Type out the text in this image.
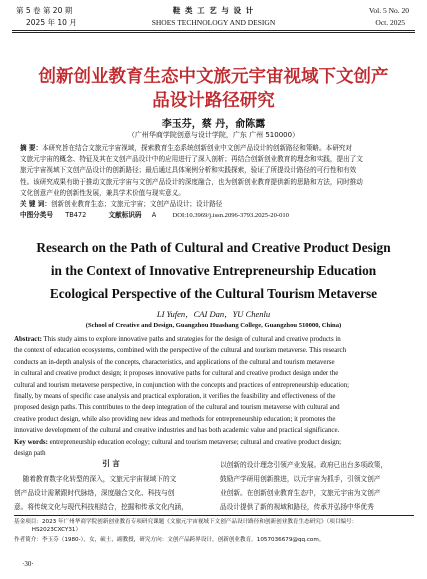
第 5 卷 第 20 期
2025 年 10 月
鞋 类 工 艺 与 设 计
SHOES TECHNOLOGY AND DESIGN
Vol. 5 No. 20
Oct. 2025
创新创业教育生态中文旅元宇宙视域下文创产
品设计路径研究
李玉芬，蔡 丹，俞陈露
（广州华商学院创意与设计学院，广东 广州 510000）
摘 要：本研究旨在结合文旅元宇宙视域，探索教育生态系统创新创业中文创产品设计的创新路径和策略。本研究对
文旅元宇宙的概念、特征及其在文创产品设计中的应用进行了深入剖析；再结合创新创业教育的理念和实践，提出了文
旅元宇宙视域下文创产品设计的创新路径；最后通过具体案例分析和实践探索，验证了所提设计路径的可行性和有效
性。该研究成果有助于推动文旅元宇宙与文创产品设计的深度融合，也为创新创业教育提供新的思路和方法，同时推动
文化创意产业的创新性发展，兼具学术价值与现实意义。
关 键 词：创新创业教育生态；文旅元宇宙；文创产品设计；设计路径
中图分类号 TB472	文献标识码 A DOI:10.3969/j.issn.2096-3793.2025-20-010
Research on the Path of Cultural and Creative Product Design
in the Context of Innovative Entrepreneurship Education
Ecological Perspective of the Cultural Tourism Metaverse
LI Yufen，CAI Dan，YU Chenlu
(School of Creative and Design, Guangzhou Huashang College, Guangzhou 510000, China)
Abstract: This study aims to explore innovative paths and strategies for the design of cultural and creative products in
the context of education ecosystems, combined with the perspective of the cultural and tourism metaverse. This research
conducts an in-depth analysis of the concepts, characteristics, and applications of the cultural and tourism metaverse
in cultural and creative product design; it proposes innovative paths for cultural and creative product design under the
cultural and tourism metaverse perspective, in conjunction with the concepts and practices of entrepreneurship education;
finally, by means of specific case analysis and practical exploration, it verifies the feasibility and effectiveness of the
proposed design paths. This contributes to the deep integration of the cultural and tourism metaverse with cultural and
creative product design, while also providing new ideas and methods for entrepreneurship education; it promotes the
innovative development of the cultural and creative industries and has both academic value and practical significance.
Key words: entrepreneurship education ecology; cultural and tourism metaverse; cultural and creative product design;
design path
引 言
随着教育数字化转型的深入，文旅元宇宙视域下的文
创产品设计需紧跟时代脉络，深度融合文化、科技与创
意。将传统文化与现代科技相结合，挖掘和传承文化内涵，
以创新的设计理念引领产业发展。政府已出台多项政策，
鼓励产学研用创新推进，以元宇宙为抓手，引领文创产
业创新。在创新创业教育生态中，文旅元宇宙为文创产
品设计提供了新的视域和路径，传承并弘扬中华优秀
基金项目：2023 年广州华商学院创新创业教育专项研究课题《文旅元宇宙视域下文创产品设计路径和创新创业教育生态研究》（项目编号：
HS2023CXCY31）
作者简介：李玉芬（1980-），女，硕士，副教授，研究方向：文创产品跨界设计，创新创业教育。1057036679@qq.com。
·30·
